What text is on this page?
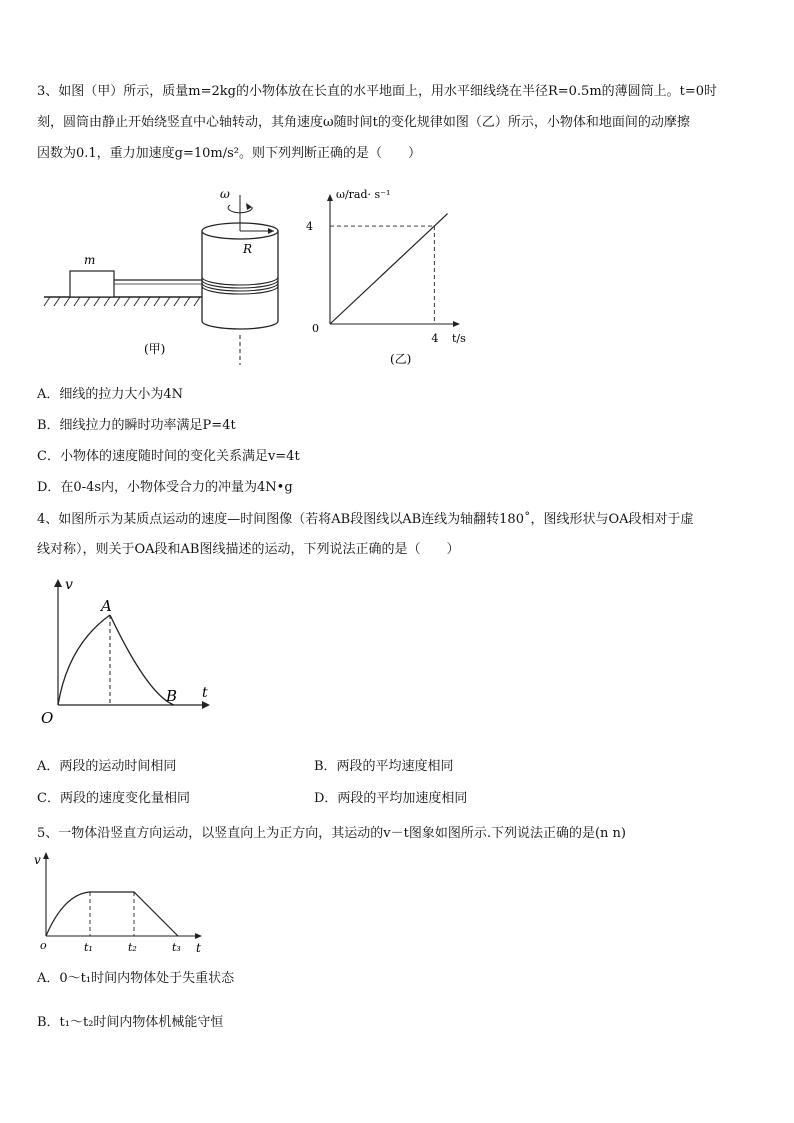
3、如图（甲）所示，质量m=2kg的小物体放在长直的水平地面上，用水平细线绕在半径R=0.5m的薄圆筒上。t=0时
刻，圆筒由静止开始绕竖直中心轴转动，其角速度ω随时间t的变化规律如图（乙）所示，小物体和地面间的动摩擦
因数为0.1，重力加速度g=10m/s²。则下列判断正确的是（　　）
m
ω
R
(甲)
ω/rad· s⁻¹
t/s
0
4
4
(乙)
A．细线的拉力大小为4N
B．细线拉力的瞬时功率满足P=4t
C．小物体的速度随时间的变化关系满足v=4t
D．在0-4s内，小物体受合力的冲量为4N•g
4、如图所示为某质点运动的速度—时间图像（若将AB段图线以AB连线为轴翻转180˚，图线形状与OA段相对于虚
线对称），则关于OA段和AB图线描述的运动，下列说法正确的是（　　）
v
t
O
A
B
A．两段的运动时间相同	B．两段的平均速度相同
C．两段的速度变化量相同	D．两段的平均加速度相同
5、一物体沿竖直方向运动，以竖直向上为正方向，其运动的v－t图象如图所示.下列说法正确的是(n n)
v
t
o	t₁	t₂	t₃
A．0～t₁时间内物体处于失重状态
B．t₁～t₂时间内物体机械能守恒
